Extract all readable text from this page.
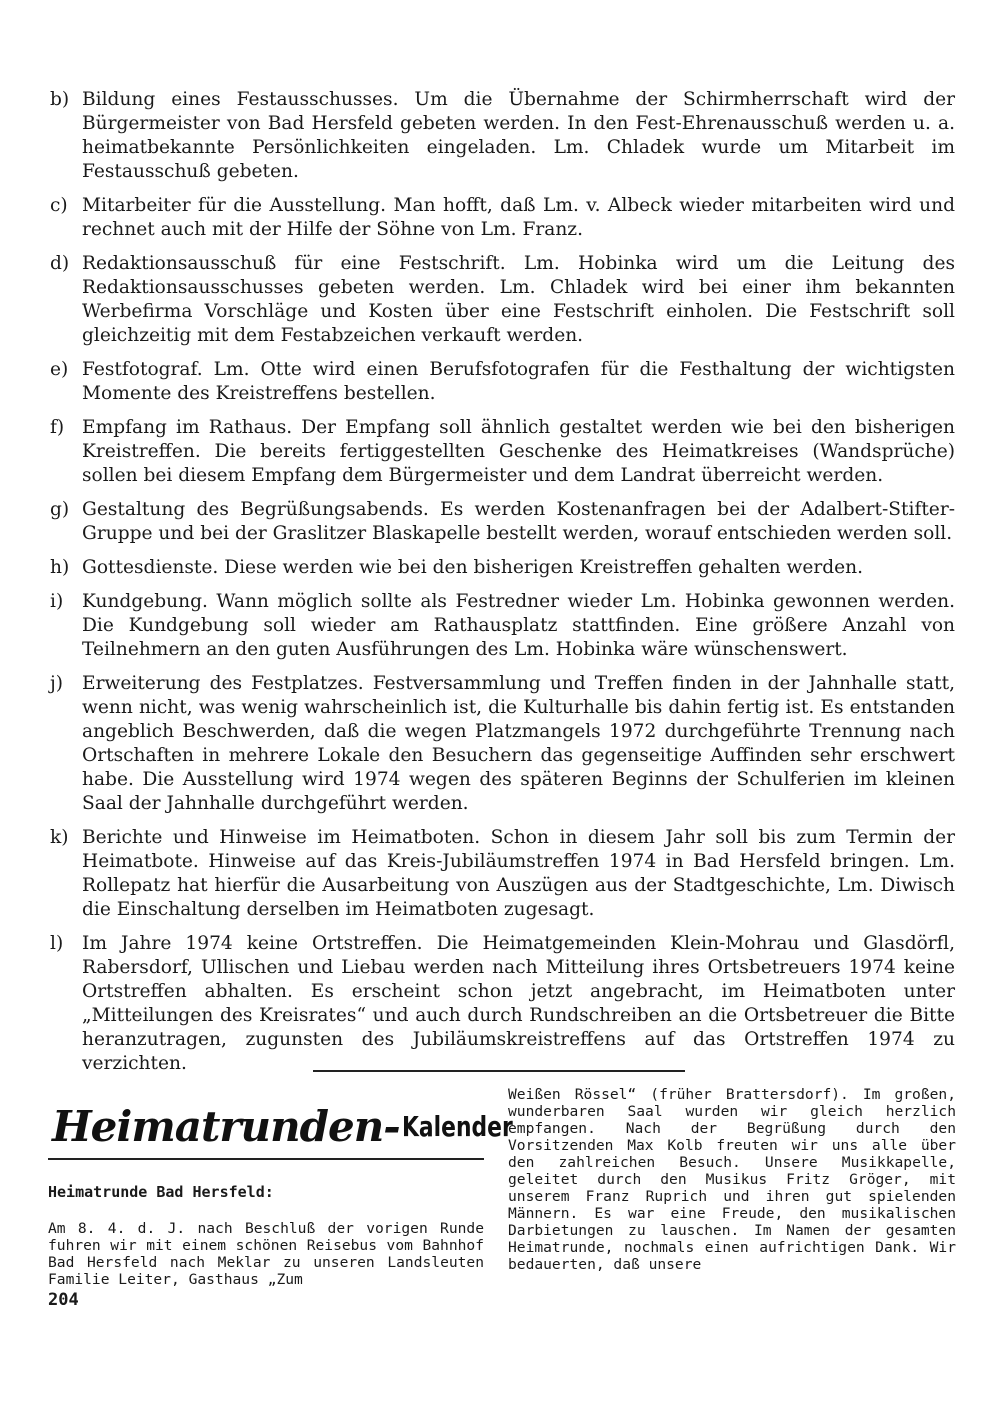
b) Bildung eines Festausschusses. Um die Übernahme der Schirmherrschaft wird der Bürgermeister von Bad Hersfeld gebeten werden. In den Fest-Ehrenausschuß werden u. a. heimatbekannte Persönlichkeiten eingeladen. Lm. Chladek wurde um Mitarbeit im Festausschuß gebeten.
c) Mitarbeiter für die Ausstellung. Man hofft, daß Lm. v. Albeck wieder mitarbeiten wird und rechnet auch mit der Hilfe der Söhne von Lm. Franz.
d) Redaktionsausschuß für eine Festschrift. Lm. Hobinka wird um die Leitung des Redaktionsausschusses gebeten werden. Lm. Chladek wird bei einer ihm bekannten Werbefirma Vorschläge und Kosten über eine Festschrift einholen. Die Festschrift soll gleichzeitig mit dem Festabzeichen verkauft werden.
e) Festfotograf. Lm. Otte wird einen Berufsfotografen für die Festhaltung der wichtigsten Momente des Kreistreffens bestellen.
f) Empfang im Rathaus. Der Empfang soll ähnlich gestaltet werden wie bei den bisherigen Kreistreffen. Die bereits fertiggestellten Geschenke des Heimatkreises (Wandsprüche) sollen bei diesem Empfang dem Bürgermeister und dem Landrat überreicht werden.
g) Gestaltung des Begrüßungsabends. Es werden Kostenanfragen bei der Adalbert-Stifter-Gruppe und bei der Graslitzer Blaskapelle bestellt werden, worauf entschieden werden soll.
h) Gottesdienste. Diese werden wie bei den bisherigen Kreistreffen gehalten werden.
i) Kundgebung. Wann möglich sollte als Festredner wieder Lm. Hobinka gewonnen werden. Die Kundgebung soll wieder am Rathausplatz stattfinden. Eine größere Anzahl von Teilnehmern an den guten Ausführungen des Lm. Hobinka wäre wünschenswert.
j) Erweiterung des Festplatzes. Festversammlung und Treffen finden in der Jahnhalle statt, wenn nicht, was wenig wahrscheinlich ist, die Kulturhalle bis dahin fertig ist. Es entstanden angeblich Beschwerden, daß die wegen Platzmangels 1972 durchgeführte Trennung nach Ortschaften in mehrere Lokale den Besuchern das gegenseitige Auffinden sehr erschwert habe. Die Ausstellung wird 1974 wegen des späteren Beginns der Schulferien im kleinen Saal der Jahnhalle durchgeführt werden.
k) Berichte und Hinweise im Heimatboten. Schon in diesem Jahr soll bis zum Termin der Heimatbote. Hinweise auf das Kreis-Jubiläumstreffen 1974 in Bad Hersfeld bringen. Lm. Rollepatz hat hierfür die Ausarbeitung von Auszügen aus der Stadtgeschichte, Lm. Diwisch die Einschaltung derselben im Heimatboten zugesagt.
l) Im Jahre 1974 keine Ortstreffen. Die Heimatgemeinden Klein-Mohrau und Glasdörfl, Rabersdorf, Ullischen und Liebau werden nach Mitteilung ihres Ortsbetreuers 1974 keine Ortstreffen abhalten. Es erscheint schon jetzt angebracht, im Heimatboten unter „Mitteilungen des Kreisrates“ und auch durch Rundschreiben an die Ortsbetreuer die Bitte heranzutragen, zugunsten des Jubiläumskreistreffens auf das Ortstreffen 1974 zu verzichten.
Heimatrunden- Kalender
Heimatrunde Bad Hersfeld:
Am 8. 4. d. J. nach Beschluß der vorigen Runde fuhren wir mit einem schönen Reisebus vom Bahnhof Bad Hersfeld nach Meklar zu unseren Landsleuten Familie Leiter, Gasthaus „Zum
Weißen Rössel“ (früher Brattersdorf). Im großen, wunderbaren Saal wurden wir gleich herzlich empfangen. Nach der Begrüßung durch den Vorsitzenden Max Kolb freuten wir uns alle über den zahlreichen Besuch. Unsere Musikkapelle, geleitet durch den Musikus Fritz Gröger, mit unserem Franz Ruprich und ihren gut spielenden Männern. Es war eine Freude, den musikalischen Darbietungen zu lauschen. Im Namen der gesamten Heimatrunde, nochmals einen aufrichtigen Dank. Wir bedauerten, daß unsere
204
